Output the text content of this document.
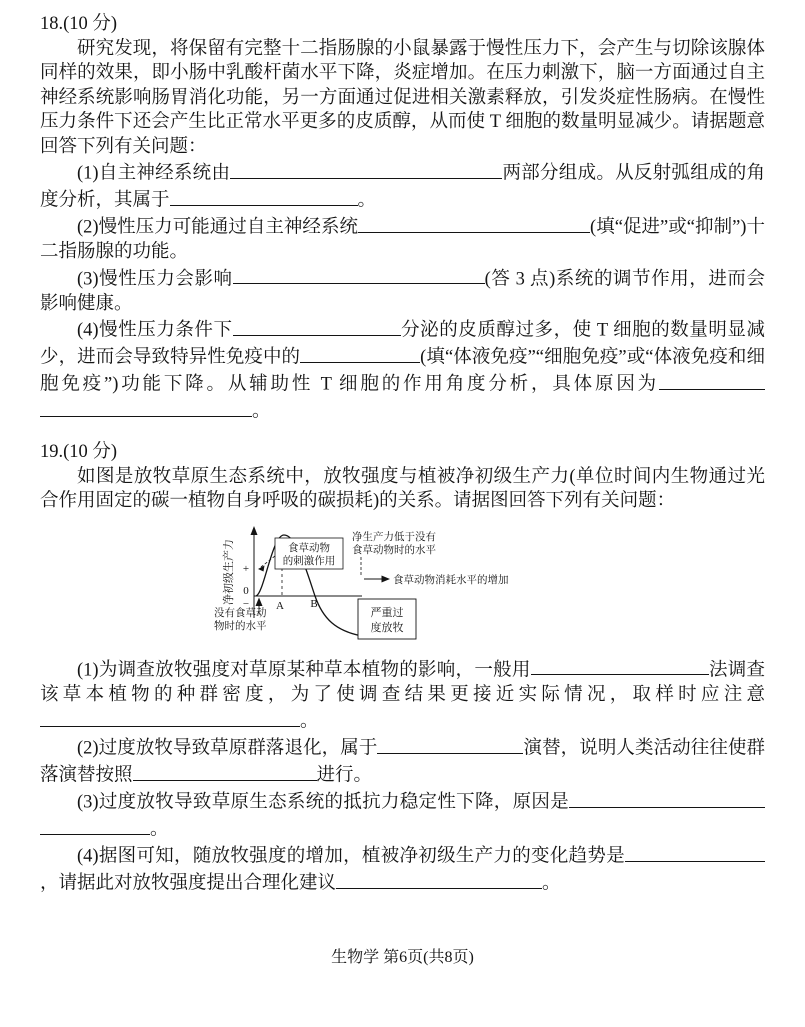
18.(10 分)

研究发现，将保留有完整十二指肠腺的小鼠暴露于慢性压力下，会产生与切除该腺体同样的效果，即小肠中乳酸杆菌水平下降，炎症增加。在压力刺激下，脑一方面通过自主神经系统影响肠胃消化功能，另一方面通过促进相关激素释放，引发炎症性肠病。在慢性压力条件下还会产生比正常水平更多的皮质醇，从而使 T 细胞的数量明显减少。请据题意回答下列有关问题：

(1)自主神经系统由	两部分组成。从反射弧组成的角度分析，其属于	。

(2)慢性压力可能通过自主神经系统	(填“促进”或“抑制”)十二指肠腺的功能。

(3)慢性压力会影响	(答 3 点)系统的调节作用，进而会影响健康。

(4)慢性压力条件下	分泌的皮质醇过多，使 T 细胞的数量明显减少，进而会导致特异性免疫中的	(填“体液免疫”“细胞免疫”或“体液免疫和细胞免疫”)功能下降。从辅助性 T 细胞的作用角度分析，具体原因为。

19.(10 分)

如图是放牧草原生态系统中，放牧强度与植被净初级生产力(单位时间内生物通过光合作用固定的碳一植物自身呼吸的碳损耗)的关系。请据图回答下列有关问题：

食草动物
的刺激作用
净生产力低于没有
食草动物时的水平
食草动物消耗水平的增加
+
0
− A B
没有食草动
物时的水平
严重过
度放牧
净初级生产力

(1)为调查放牧强度对草原某种草本植物的影响，一般用	法调查该草本植物的种群密度，为了使调查结果更接近实际情况，取样时应注意。

(2)过度放牧导致草原群落退化，属于	演替，说明人类活动往往使群落演替按照	进行。

(3)过度放牧导致草原生态系统的抵抗力稳定性下降，原因是。

(4)据图可知，随放牧强度的增加，植被净初级生产力的变化趋势是，请据此对放牧强度提出合理化建议	。

生物学 第6页(共8页)
